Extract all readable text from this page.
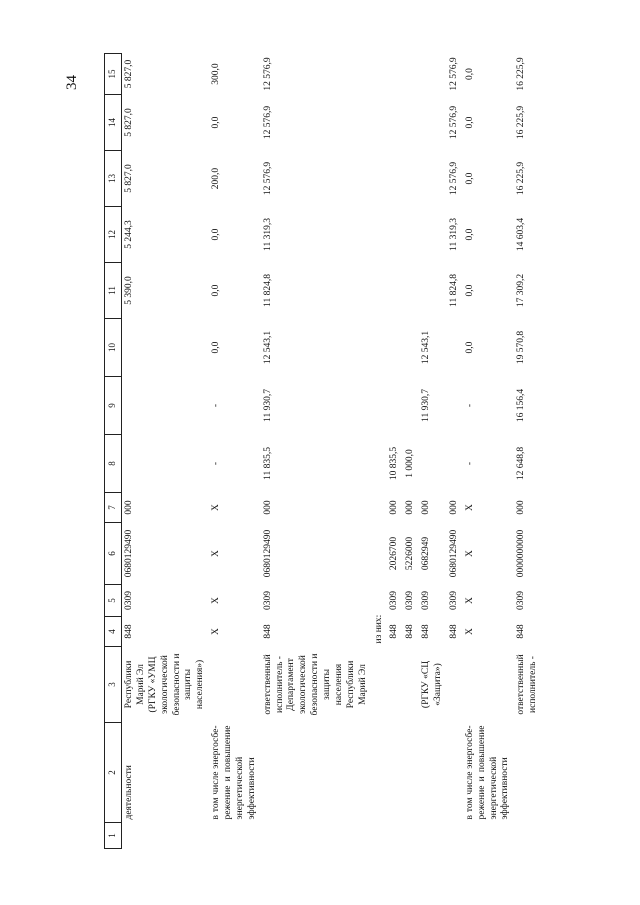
34
1	2	3	4	5	6	7	8	9	10	11	12	13	14	15
	деятельности	Республики Марий Эл (РГКУ «УМЦ экологической безопасности и защиты населения»)	848	0309	0680129490	000				5 390,0	5 244,3	5 827,0	5 827,0	5 827,0
	в том числе энергосбе-режение и повышение энергетической эффективности		X	X	X	X	-	-	0,0	0,0	0,0	200,0	0,0	300,0
		ответственный исполнитель - Департамент экологической безопасности и защиты населения Республики Марий Эл	848	0309	0680129490	000	11 835,5	11 930,7	12 543,1	11 824,8	11 319,3	12 576,9	12 576,9	12 576,9
			из них:											
			848	0309	2026700	000	10 835,5							
			848	0309	5226000	000	1 000,0							
		(РГКУ «СЦ «Защита»)	848	0309	0682949	000		11 930,7	12 543,1					
			848	0309	0680129490	000				11 824,8	11 319,3	12 576,9	12 576,9	12 576,9
	в том числе энергосбе-режение и повышение энергетической эффективности		X	X	X	X	-	-	0,0	0,0	0,0	0,0	0,0	0,0
		ответственный исполнитель -	848	0309	0000000000	000	12 648,8	16 156,4	19 570,8	17 309,2	14 603,4	16 225,9	16 225,9	16 225,9
